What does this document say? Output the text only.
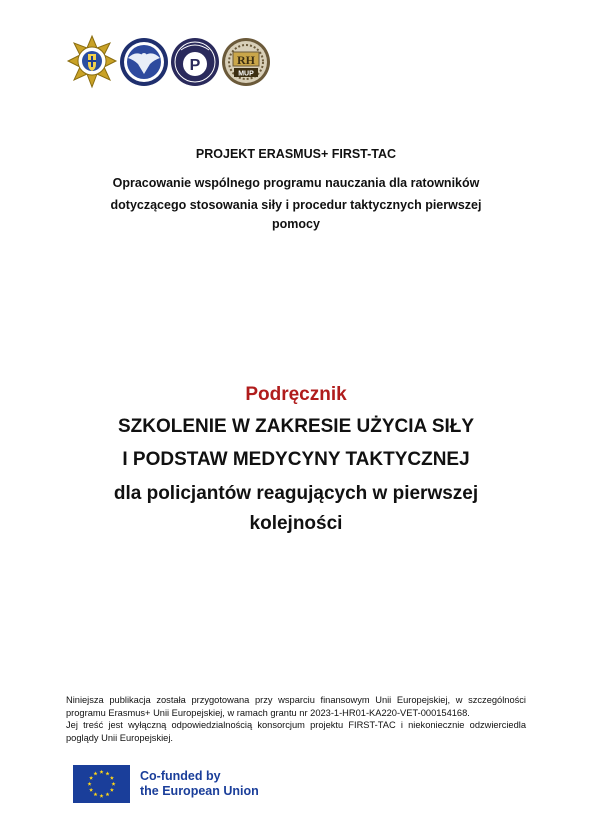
P	RH
MUP
PROJEKT ERASMUS+ FIRST-TAC
Opracowanie wspólnego programu nauczania dla ratowników
dotyczącego stosowania siły i procedur taktycznych pierwszej
pomocy
Podręcznik
SZKOLENIE W ZAKRESIE UŻYCIA SIŁY
I PODSTAW MEDYCYNY TAKTYCZNEJ
dla policjantów reagujących w pierwszej
kolejności
Niniejsza publikacja została przygotowana przy wsparciu finansowym Unii Europejskiej, w szczególności programu Erasmus+ Unii Europejskiej, w ramach grantu nr 2023-1-HR01-KA220-VET-000154168.
Jej treść jest wyłączną odpowiedzialnością konsorcjum projektu FIRST-TAC i niekoniecznie odzwierciedla poglądy Unii Europejskiej.
Co-funded by
the European Union
